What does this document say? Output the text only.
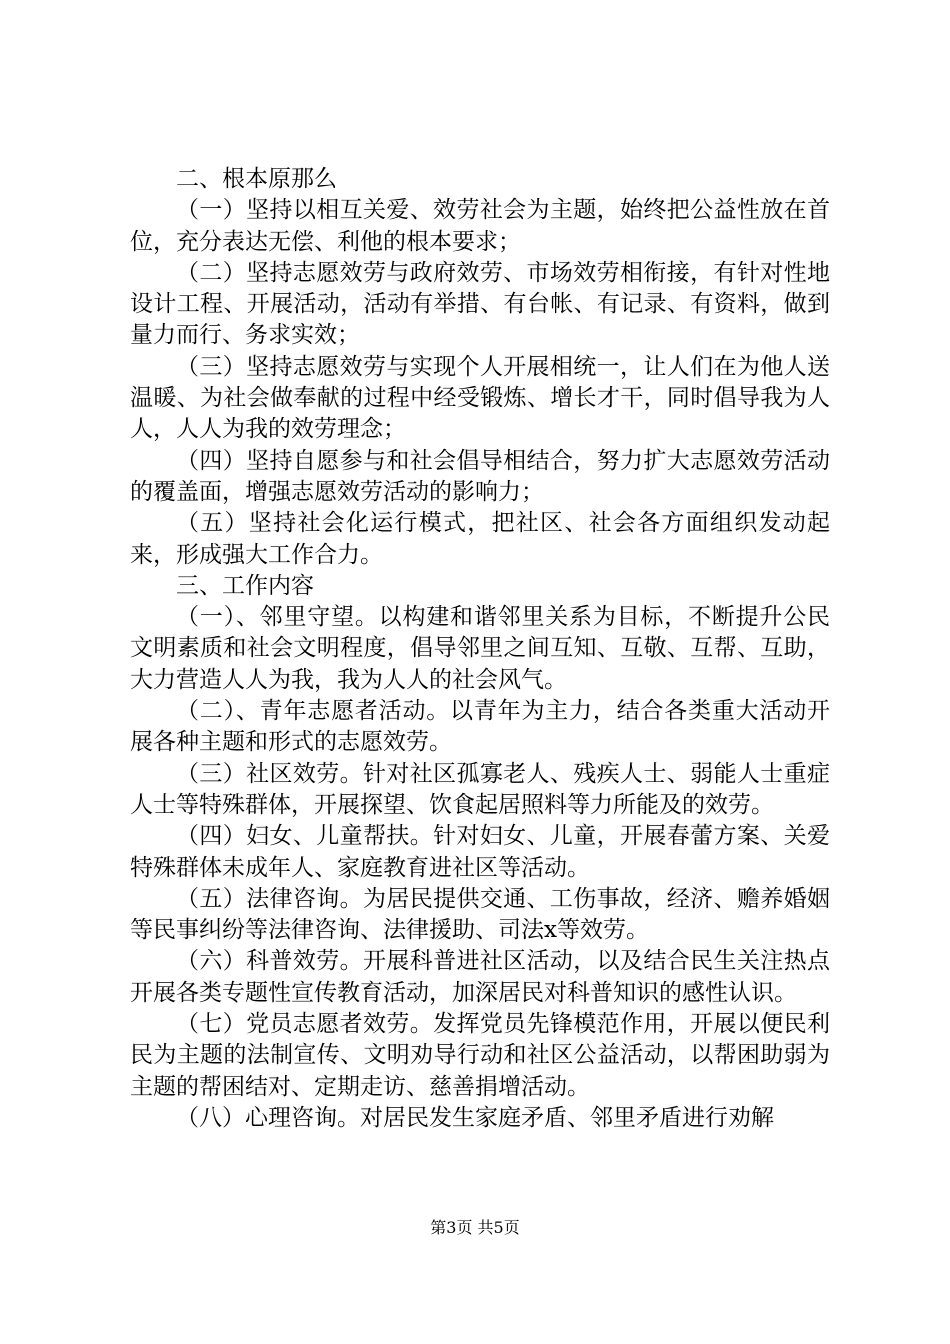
二、根本原那么

（一）坚持以相互关爱、效劳社会为主题，始终把公益性放在首位，充分表达无偿、利他的根本要求；

（二）坚持志愿效劳与政府效劳、市场效劳相衔接，有针对性地设计工程、开展活动，活动有举措、有台帐、有记录、有资料，做到量力而行、务求实效；

（三）坚持志愿效劳与实现个人开展相统一，让人们在为他人送温暖、为社会做奉献的过程中经受锻炼、增长才干，同时倡导我为人人，人人为我的效劳理念；

（四）坚持自愿参与和社会倡导相结合，努力扩大志愿效劳活动的覆盖面，增强志愿效劳活动的影响力；

（五）坚持社会化运行模式，把社区、社会各方面组织发动起来，形成强大工作合力。

三、工作内容

（一）、邻里守望。以构建和谐邻里关系为目标，不断提升公民文明素质和社会文明程度，倡导邻里之间互知、互敬、互帮、互助，大力营造人人为我，我为人人的社会风气。

（二）、青年志愿者活动。以青年为主力，结合各类重大活动开展各种主题和形式的志愿效劳。

（三）社区效劳。针对社区孤寡老人、残疾人士、弱能人士重症人士等特殊群体，开展探望、饮食起居照料等力所能及的效劳。

（四）妇女、儿童帮扶。针对妇女、儿童，开展春蕾方案、关爱特殊群体未成年人、家庭教育进社区等活动。

（五）法律咨询。为居民提供交通、工伤事故，经济、赡养婚姻等民事纠纷等法律咨询、法律援助、司法x等效劳。

（六）科普效劳。开展科普进社区活动，以及结合民生关注热点开展各类专题性宣传教育活动，加深居民对科普知识的感性认识。

（七）党员志愿者效劳。发挥党员先锋模范作用，开展以便民利民为主题的法制宣传、文明劝导行动和社区公益活动，以帮困助弱为主题的帮困结对、定期走访、慈善捐增活动。

（八）心理咨询。对居民发生家庭矛盾、邻里矛盾进行劝解

第3页 共5页
